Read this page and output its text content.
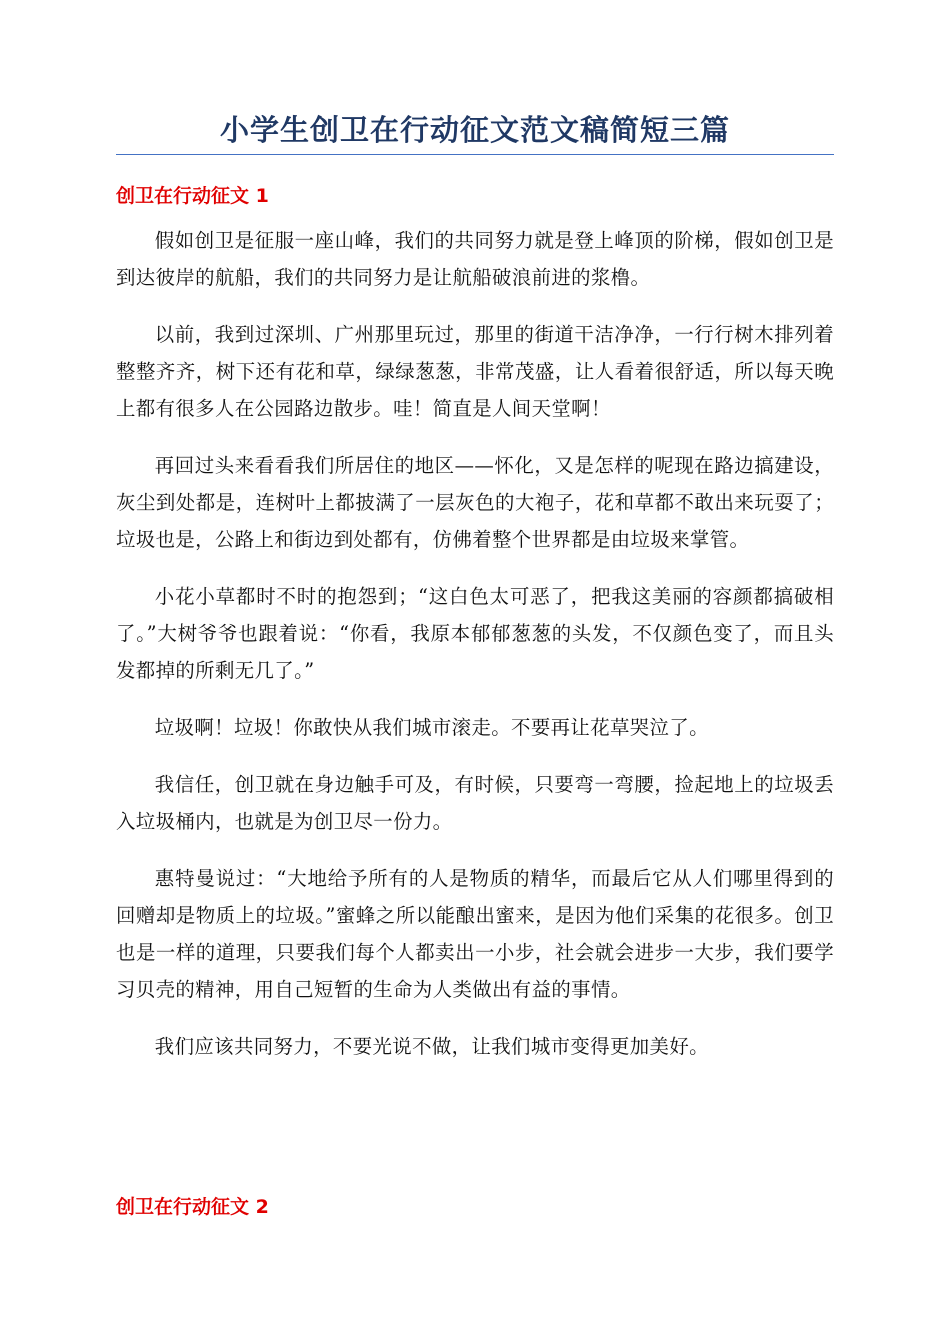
小学生创卫在行动征文范文稿简短三篇
创卫在行动征文 1

假如创卫是征服一座山峰，我们的共同努力就是登上峰顶的阶梯，假如创卫是到达彼岸的航船，我们的共同努力是让航船破浪前进的浆橹。

以前，我到过深圳、广州那里玩过，那里的街道干洁净净，一行行树木排列着整整齐齐，树下还有花和草，绿绿葱葱，非常茂盛，让人看着很舒适，所以每天晚上都有很多人在公园路边散步。哇！简直是人间天堂啊！

再回过头来看看我们所居住的地区——怀化，又是怎样的呢现在路边搞建设，灰尘到处都是，连树叶上都披满了一层灰色的大袍子，花和草都不敢出来玩耍了；垃圾也是，公路上和街边到处都有，仿佛着整个世界都是由垃圾来掌管。

小花小草都时不时的抱怨到；“这白色太可恶了，把我这美丽的容颜都搞破相了。”大树爷爷也跟着说：“你看，我原本郁郁葱葱的头发，不仅颜色变了，而且头发都掉的所剩无几了。”

垃圾啊！垃圾！你敢快从我们城市滚走。不要再让花草哭泣了。

我信任，创卫就在身边触手可及，有时候，只要弯一弯腰，捡起地上的垃圾丢入垃圾桶内，也就是为创卫尽一份力。

惠特曼说过：“大地给予所有的人是物质的精华，而最后它从人们哪里得到的回赠却是物质上的垃圾。”蜜蜂之所以能酿出蜜来，是因为他们采集的花很多。创卫也是一样的道理，只要我们每个人都卖出一小步，社会就会进步一大步，我们要学习贝壳的精神，用自己短暂的生命为人类做出有益的事情。

我们应该共同努力，不要光说不做，让我们城市变得更加美好。

创卫在行动征文 2
